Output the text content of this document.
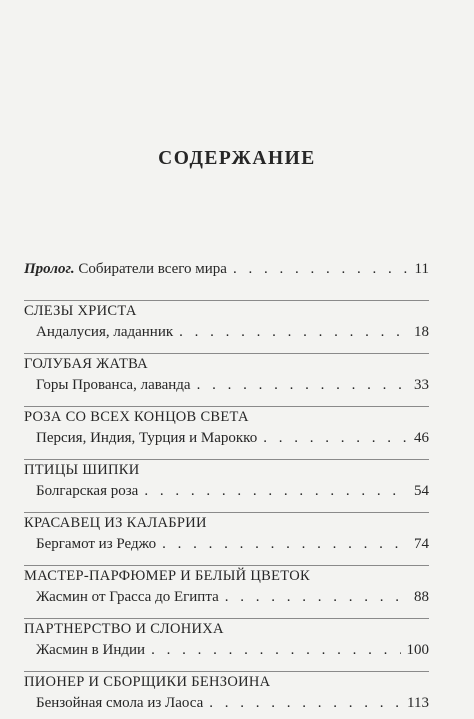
СОДЕРЖАНИЕ
Пролог. Собиратели всего мира . . .	11
СЛЕЗЫ ХРИСТА
Андалусия, ладанник . . .	18
ГОЛУБАЯ ЖАТВА
Горы Прованса, лаванда . . .	33
РОЗА СО ВСЕХ КОНЦОВ СВЕТА
Персия, Индия, Турция и Марокко . . .	46
ПТИЦЫ ШИПКИ
Болгарская роза . . .	54
КРАСАВЕЦ ИЗ КАЛАБРИИ
Бергамот из Реджо . . .	74
МАСТЕР-ПАРФЮМЕР И БЕЛЫЙ ЦВЕТОК
Жасмин от Грасса до Египта . . .	88
ПАРТНЕРСТВО И СЛОНИХА
Жасмин в Индии . . .	100
ПИОНЕР И СБОРЩИКИ БЕНЗОИНА
Бензойная смола из Лаоса . . .	113
